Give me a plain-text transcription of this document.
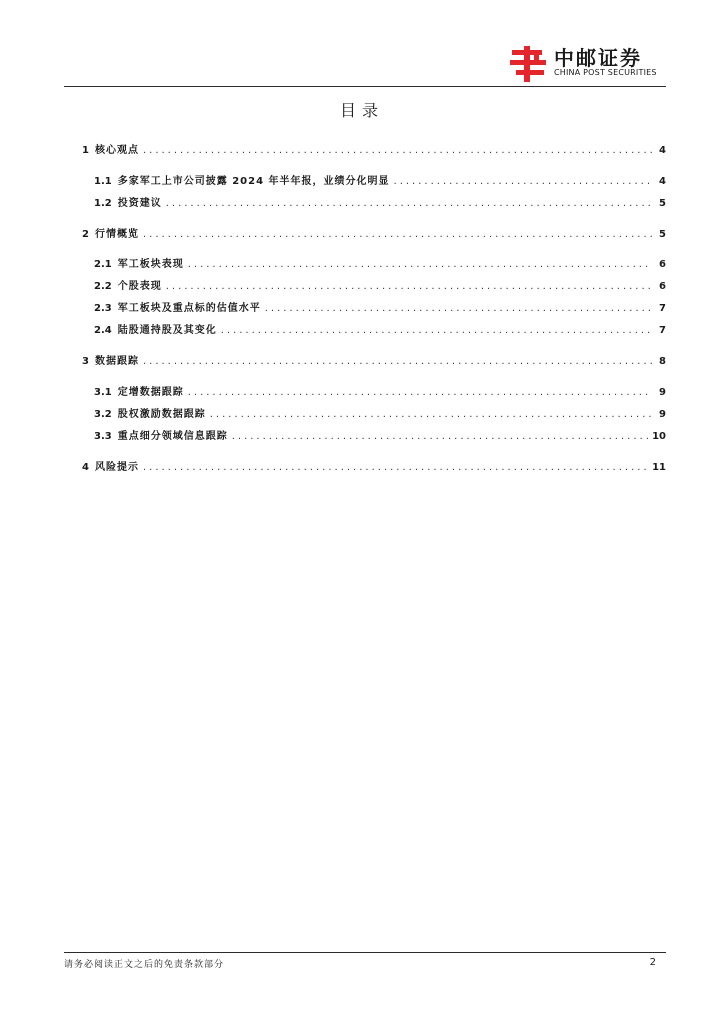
中邮证券
CHINA POST SECURITIES
目录
1 核心观点 .....	4
1.1 多家军工上市公司披露 2024 年半年报，业绩分化明显 .....	4
1.2 投资建议 .....	5
2 行情概览 .....	5
2.1 军工板块表现 .....	6
2.2 个股表现 .....	6
2.3 军工板块及重点标的估值水平 .....	7
2.4 陆股通持股及其变化 .....	7
3 数据跟踪 .....	8
3.1 定增数据跟踪 .....	9
3.2 股权激励数据跟踪 .....	9
3.3 重点细分领域信息跟踪 .....	10
4 风险提示 .....	11
请务必阅读正文之后的免责条款部分	2
